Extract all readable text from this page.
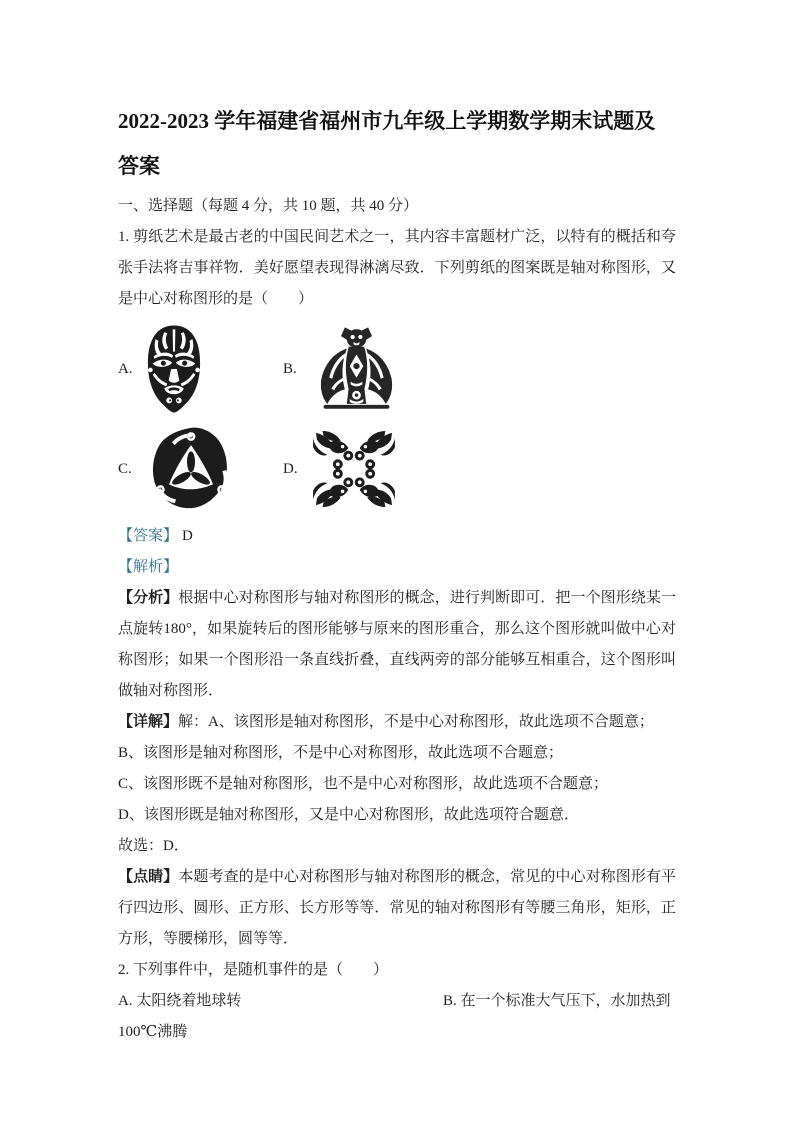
2022-2023 学年福建省福州市九年级上学期数学期末试题及
答案

一、选择题（每题 4 分，共 10 题，共 40 分）

1. 剪纸艺术是最古老的中国民间艺术之一，其内容丰富题材广泛，以特有的概括和夸张手法将吉事祥物．美好愿望表现得淋漓尽致．下列剪纸的图案既是轴对称图形，又是中心对称图形的是（　　）

A.	B.
C.	D.

【答案】 D

【解析】

【分析】根据中心对称图形与轴对称图形的概念，进行判断即可．把一个图形绕某一点旋转180°，如果旋转后的图形能够与原来的图形重合，那么这个图形就叫做中心对称图形；如果一个图形沿一条直线折叠，直线两旁的部分能够互相重合，这个图形叫做轴对称图形．

【详解】解：A、该图形是轴对称图形，不是中心对称图形，故此选项不合题意；

B、该图形是轴对称图形，不是中心对称图形，故此选项不合题意；

C、该图形既不是轴对称图形，也不是中心对称图形，故此选项不合题意；

D、该图形既是轴对称图形，又是中心对称图形，故此选项符合题意．

故选：D．

【点睛】本题考查的是中心对称图形与轴对称图形的概念，常见的中心对称图形有平行四边形、圆形、正方形、长方形等等．常见的轴对称图形有等腰三角形，矩形，正方形，等腰梯形，圆等等．

2. 下列事件中，是随机事件的是（　　）

A. 太阳绕着地球转	B. 在一个标准大气压下，水加热到

100℃沸腾
